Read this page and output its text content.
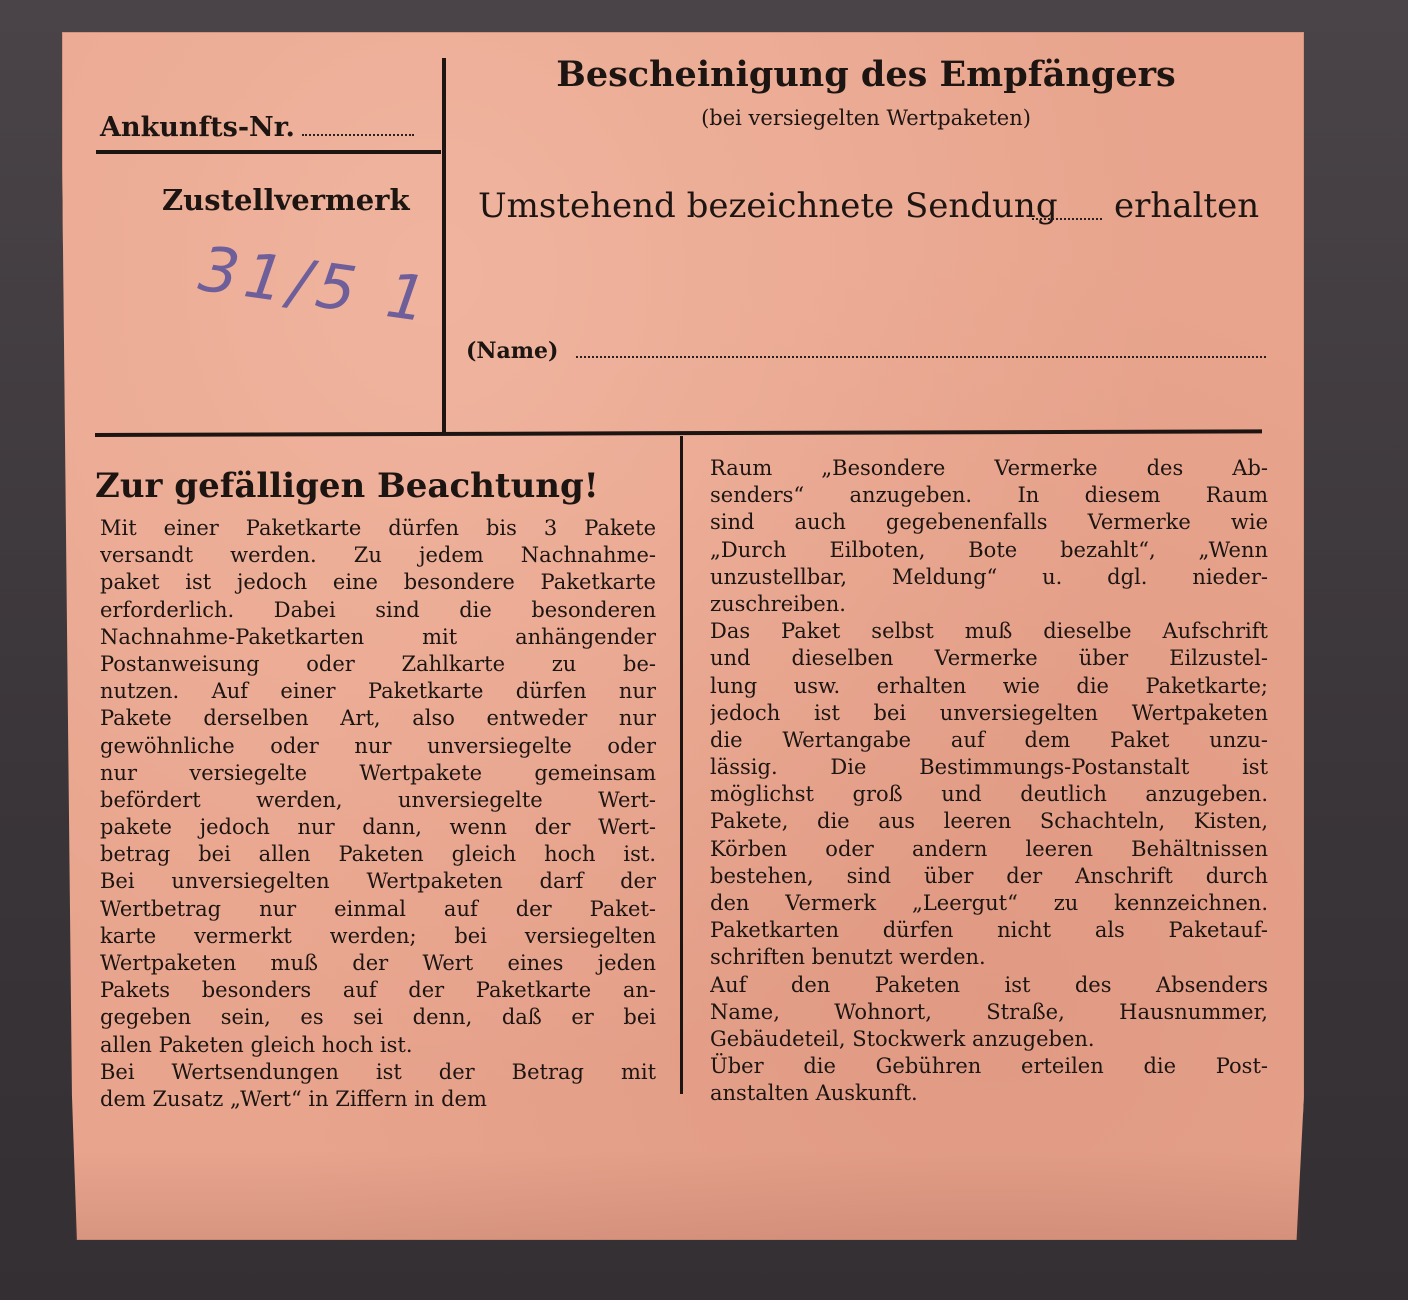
Ankunfts-Nr.
Zustellvermerk
31/5 1
Bescheinigung des Empfängers
(bei versiegelten Wertpaketen)
Umstehend bezeichnete Sendung erhalten
(Name)
Zur gefälligen Beachtung!
Mit einer Paketkarte dürfen bis 3 Pakete
versandt werden. Zu jedem Nachnahme-
paket ist jedoch eine besondere Paketkarte
erforderlich. Dabei sind die besonderen
Nachnahme-Paketkarten mit anhängender
Postanweisung oder Zahlkarte zu be-
nutzen. Auf einer Paketkarte dürfen nur
Pakete derselben Art, also entweder nur
gewöhnliche oder nur unversiegelte oder
nur versiegelte Wertpakete gemeinsam
befördert werden, unversiegelte Wert-
pakete jedoch nur dann, wenn der Wert-
betrag bei allen Paketen gleich hoch ist.
Bei unversiegelten Wertpaketen darf der
Wertbetrag nur einmal auf der Paket-
karte vermerkt werden; bei versiegelten
Wertpaketen muß der Wert eines jeden
Pakets besonders auf der Paketkarte an-
gegeben sein, es sei denn, daß er bei
allen Paketen gleich hoch ist.
Bei Wertsendungen ist der Betrag mit
dem Zusatz „Wert“ in Ziffern in dem
Raum „Besondere Vermerke des Ab-
senders“ anzugeben. In diesem Raum
sind auch gegebenenfalls Vermerke wie
„Durch Eilboten, Bote bezahlt“, „Wenn
unzustellbar, Meldung“ u. dgl. nieder-
zuschreiben.
Das Paket selbst muß dieselbe Aufschrift
und dieselben Vermerke über Eilzustel-
lung usw. erhalten wie die Paketkarte;
jedoch ist bei unversiegelten Wertpaketen
die Wertangabe auf dem Paket unzu-
lässig. Die Bestimmungs-Postanstalt ist
möglichst groß und deutlich anzugeben.
Pakete, die aus leeren Schachteln, Kisten,
Körben oder andern leeren Behältnissen
bestehen, sind über der Anschrift durch
den Vermerk „Leergut“ zu kennzeichnen.
Paketkarten dürfen nicht als Paketauf-
schriften benutzt werden.
Auf den Paketen ist des Absenders
Name, Wohnort, Straße, Hausnummer,
Gebäudeteil, Stockwerk anzugeben.
Über die Gebühren erteilen die Post-
anstalten Auskunft.
